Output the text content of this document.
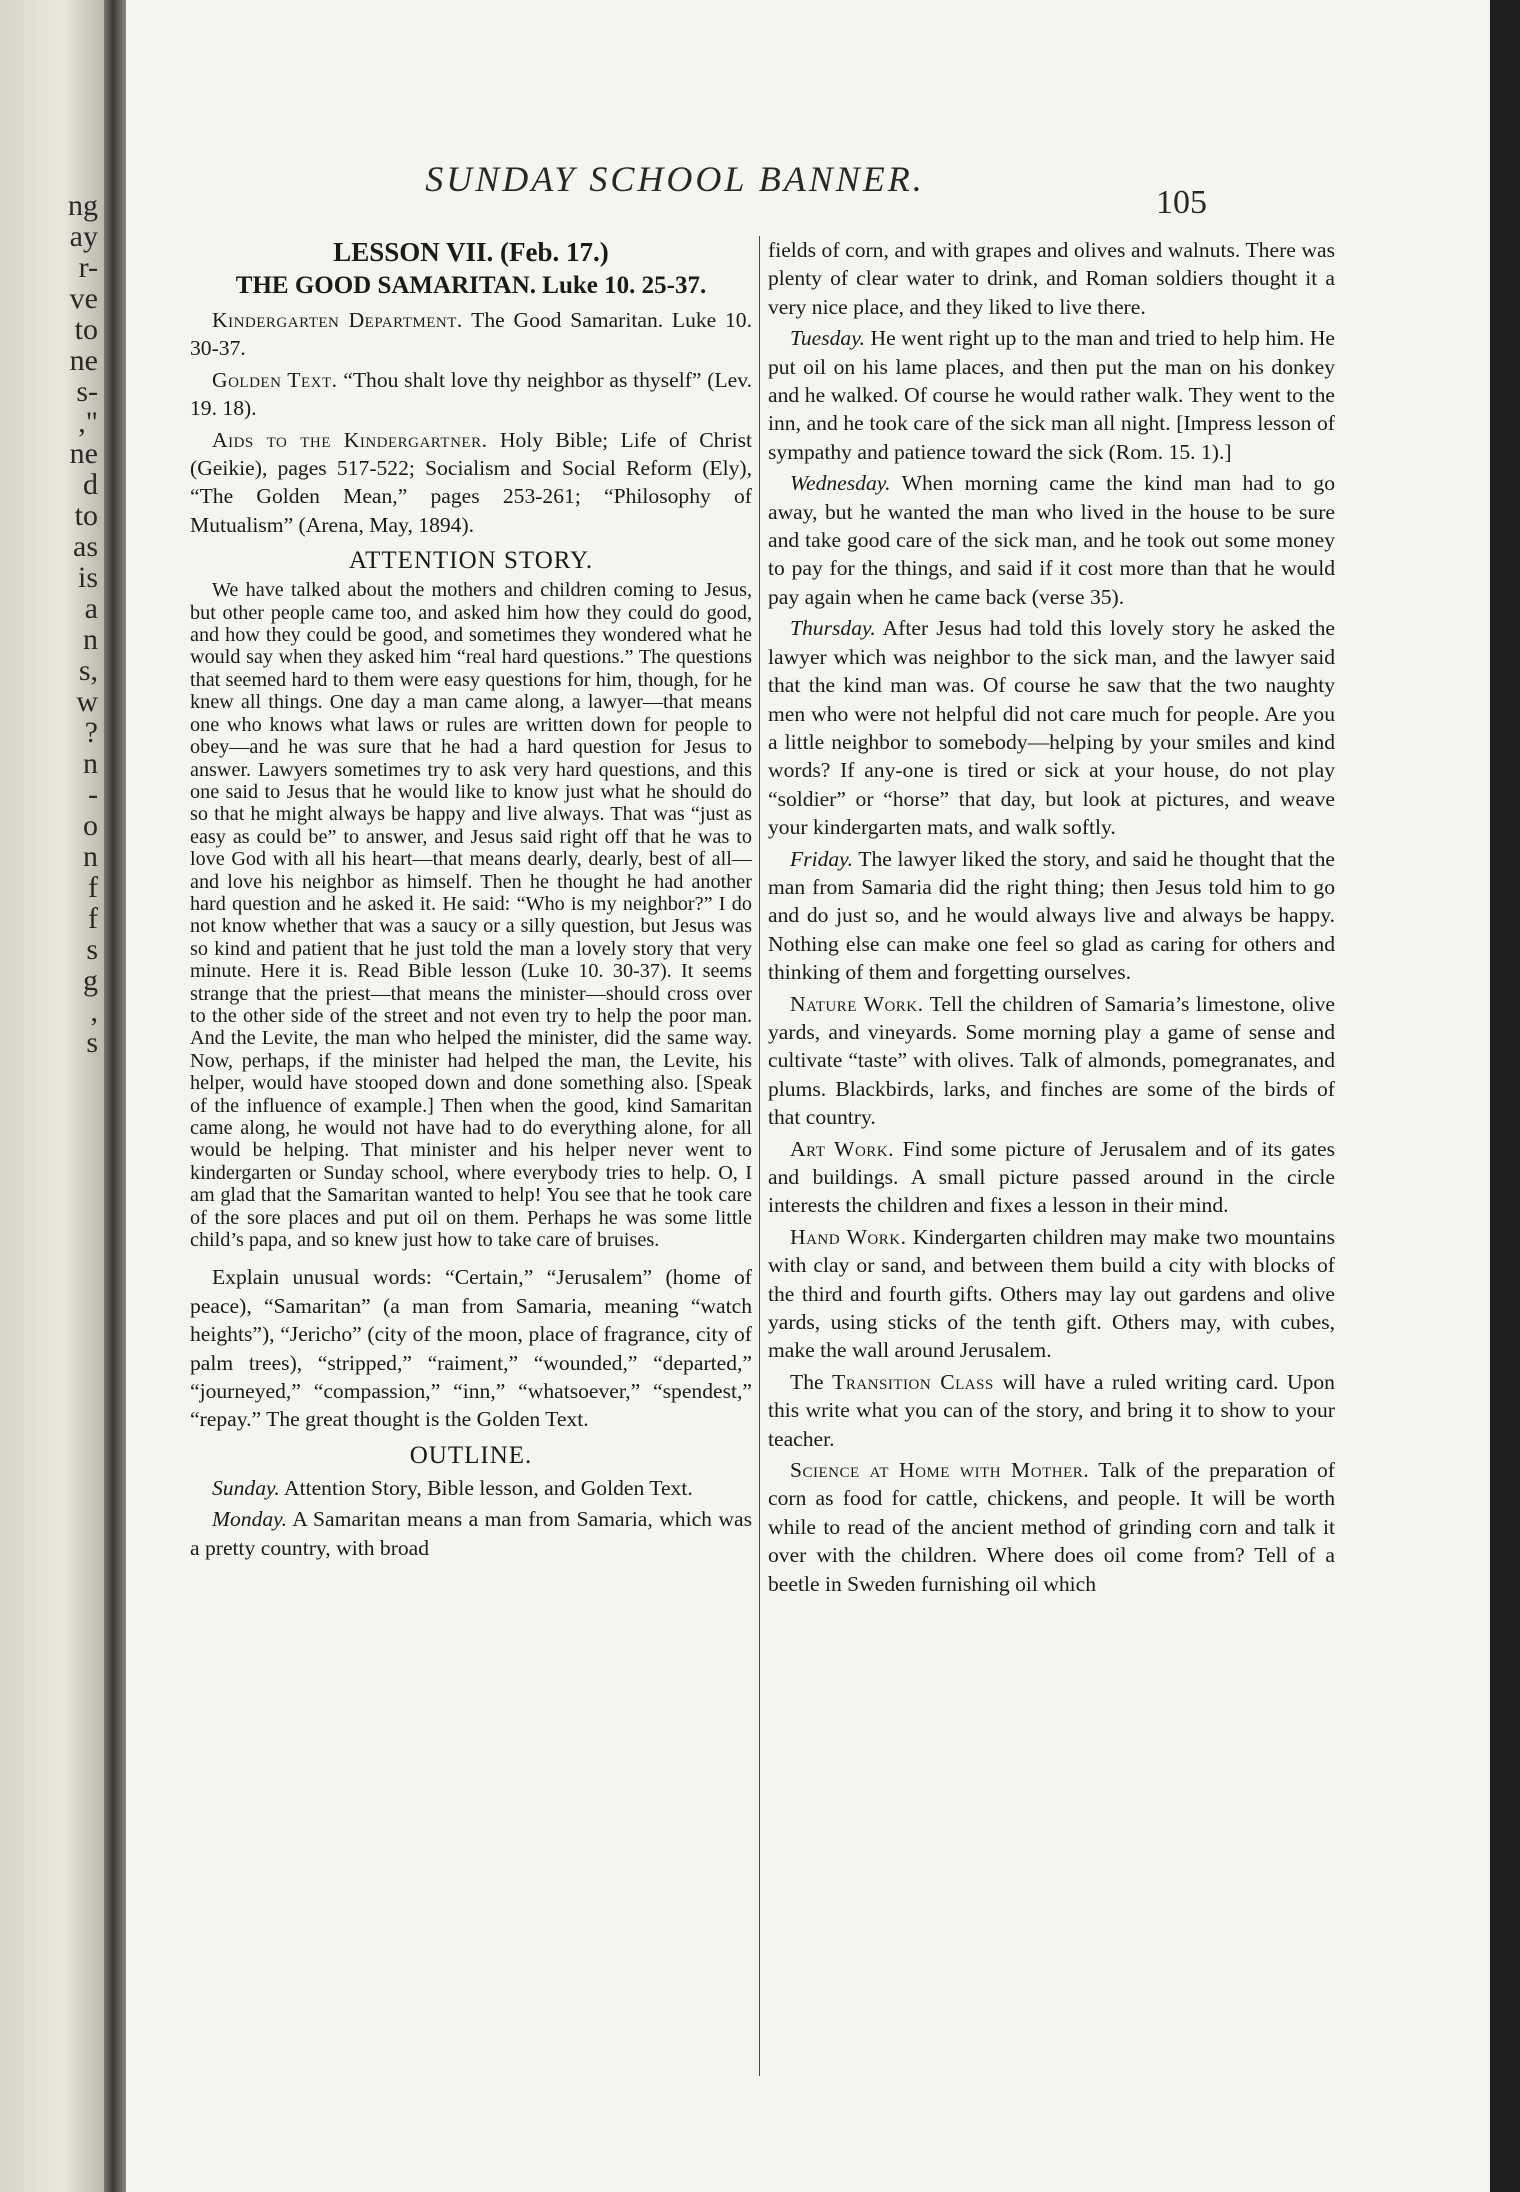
ng
ay
r-
ve
to
ne
s-
,"
ne
d
to
as
is
a
n
s,
w
?
n
-
o
n
f
f
s
g
,
s
SUNDAY SCHOOL BANNER.
105
LESSON VII. (Feb. 17.)
THE GOOD SAMARITAN. Luke 10. 25-37.

Kindergarten Department. The Good Samaritan. Luke 10. 30-37.

Golden Text. “Thou shalt love thy neighbor as thyself” (Lev. 19. 18).

Aids to the Kindergartner. Holy Bible; Life of Christ (Geikie), pages 517-522; Socialism and Social Reform (Ely), “The Golden Mean,” pages 253-261; “Philosophy of Mutualism” (Arena, May, 1894).

ATTENTION STORY.

We have talked about the mothers and children coming to Jesus, but other people came too, and asked him how they could do good, and how they could be good, and sometimes they wondered what he would say when they asked him “real hard questions.” The questions that seemed hard to them were easy questions for him, though, for he knew all things. One day a man came along, a lawyer—that means one who knows what laws or rules are written down for people to obey—and he was sure that he had a hard question for Jesus to answer. Lawyers sometimes try to ask very hard questions, and this one said to Jesus that he would like to know just what he should do so that he might always be happy and live always. That was “just as easy as could be” to answer, and Jesus said right off that he was to love God with all his heart—that means dearly, dearly, best of all—and love his neighbor as himself. Then he thought he had another hard question and he asked it. He said: “Who is my neighbor?” I do not know whether that was a saucy or a silly question, but Jesus was so kind and patient that he just told the man a lovely story that very minute. Here it is. Read Bible lesson (Luke 10. 30-37). It seems strange that the priest—that means the minister—should cross over to the other side of the street and not even try to help the poor man. And the Levite, the man who helped the minister, did the same way. Now, perhaps, if the minister had helped the man, the Levite, his helper, would have stooped down and done something also. [Speak of the influence of example.] Then when the good, kind Samaritan came along, he would not have had to do everything alone, for all would be helping. That minister and his helper never went to kindergarten or Sunday school, where everybody tries to help. O, I am glad that the Samaritan wanted to help! You see that he took care of the sore places and put oil on them. Perhaps he was some little child’s papa, and so knew just how to take care of bruises.

Explain unusual words: “Certain,” “Jerusalem” (home of peace), “Samaritan” (a man from Samaria, meaning “watch heights”), “Jericho” (city of the moon, place of fragrance, city of palm trees), “stripped,” “raiment,” “wounded,” “departed,” “journeyed,” “compassion,” “inn,” “whatsoever,” “spendest,” “repay.” The great thought is the Golden Text.

OUTLINE.

Sunday. Attention Story, Bible lesson, and Golden Text.

Monday. A Samaritan means a man from Samaria, which was a pretty country, with broad

fields of corn, and with grapes and olives and walnuts. There was plenty of clear water to drink, and Roman soldiers thought it a very nice place, and they liked to live there.

Tuesday. He went right up to the man and tried to help him. He put oil on his lame places, and then put the man on his donkey and he walked. Of course he would rather walk. They went to the inn, and he took care of the sick man all night. [Impress lesson of sympathy and patience toward the sick (Rom. 15. 1).]

Wednesday. When morning came the kind man had to go away, but he wanted the man who lived in the house to be sure and take good care of the sick man, and he took out some money to pay for the things, and said if it cost more than that he would pay again when he came back (verse 35).

Thursday. After Jesus had told this lovely story he asked the lawyer which was neighbor to the sick man, and the lawyer said that the kind man was. Of course he saw that the two naughty men who were not helpful did not care much for people. Are you a little neighbor to somebody—helping by your smiles and kind words? If any-one is tired or sick at your house, do not play “soldier” or “horse” that day, but look at pictures, and weave your kindergarten mats, and walk softly.

Friday. The lawyer liked the story, and said he thought that the man from Samaria did the right thing; then Jesus told him to go and do just so, and he would always live and always be happy. Nothing else can make one feel so glad as caring for others and thinking of them and forgetting ourselves.

Nature Work. Tell the children of Samaria’s limestone, olive yards, and vineyards. Some morning play a game of sense and cultivate “taste” with olives. Talk of almonds, pomegranates, and plums. Blackbirds, larks, and finches are some of the birds of that country.

Art Work. Find some picture of Jerusalem and of its gates and buildings. A small picture passed around in the circle interests the children and fixes a lesson in their mind.

Hand Work. Kindergarten children may make two mountains with clay or sand, and between them build a city with blocks of the third and fourth gifts. Others may lay out gardens and olive yards, using sticks of the tenth gift. Others may, with cubes, make the wall around Jerusalem.

The Transition Class will have a ruled writing card. Upon this write what you can of the story, and bring it to show to your teacher.

Science at Home with Mother. Talk of the preparation of corn as food for cattle, chickens, and people. It will be worth while to read of the ancient method of grinding corn and talk it over with the children. Where does oil come from? Tell of a beetle in Sweden furnishing oil which
